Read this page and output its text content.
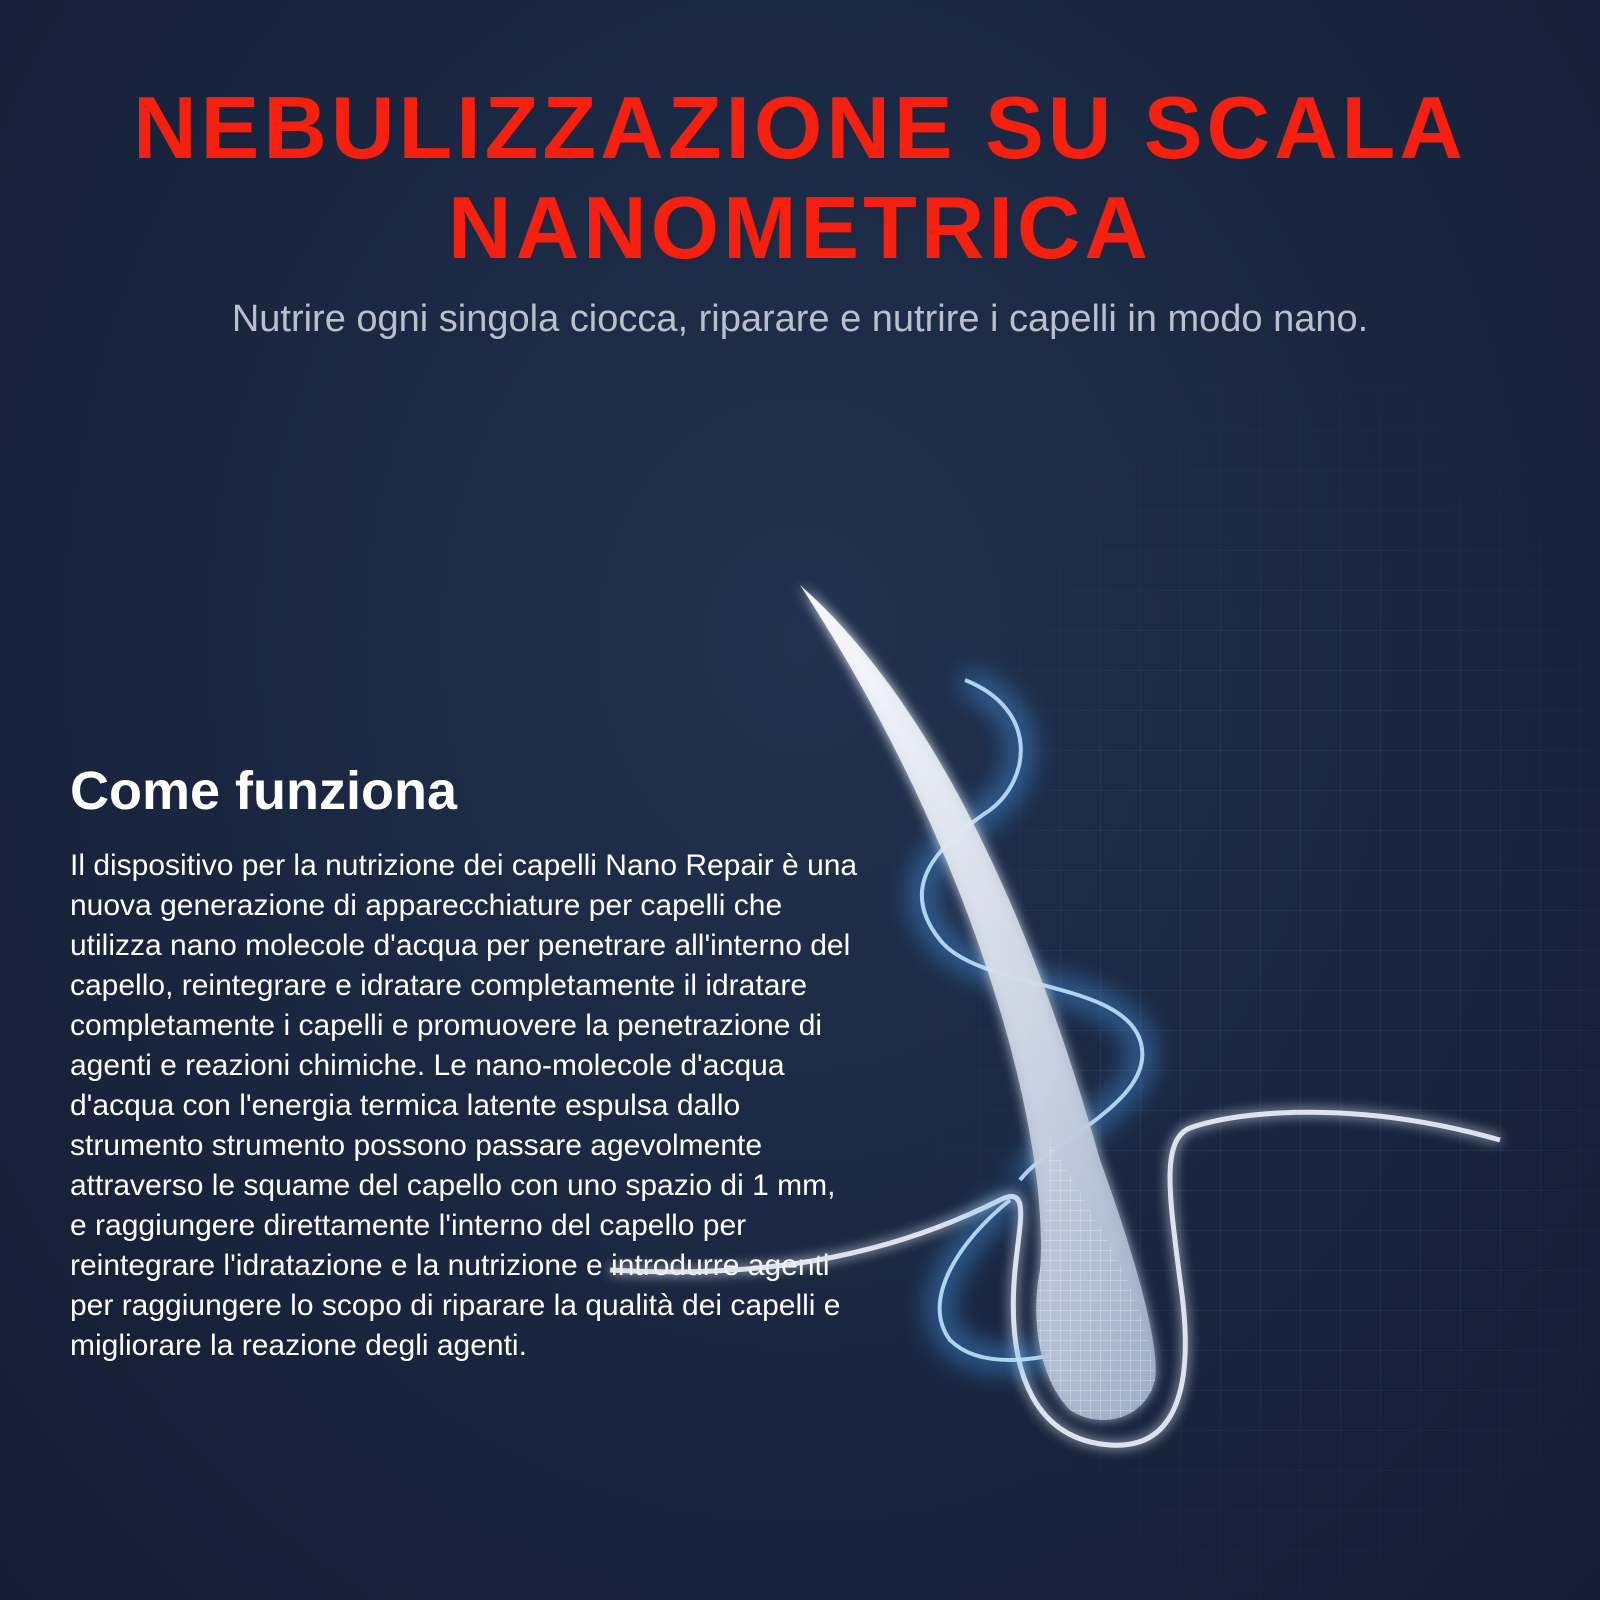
NEBULIZZAZIONE SU SCALA NANOMETRICA

Nutrire ogni singola ciocca, riparare e nutrire i capelli in modo nano.

Come funziona

Il dispositivo per la nutrizione dei capelli Nano Repair è una nuova generazione di apparecchiature per capelli che utilizza nano molecole d'acqua per penetrare all'interno del capello, reintegrare e idratare completamente il idratare completamente i capelli e promuovere la penetrazione di agenti e reazioni chimiche. Le nano-molecole d'acqua d'acqua con l'energia termica latente espulsa dallo strumento strumento possono passare agevolmente attraverso le squame del capello con uno spazio di 1 mm, e raggiungere direttamente l'interno del capello per reintegrare l'idratazione e la nutrizione e introdurre agenti per raggiungere lo scopo di riparare la qualità dei capelli e migliorare la reazione degli agenti.
